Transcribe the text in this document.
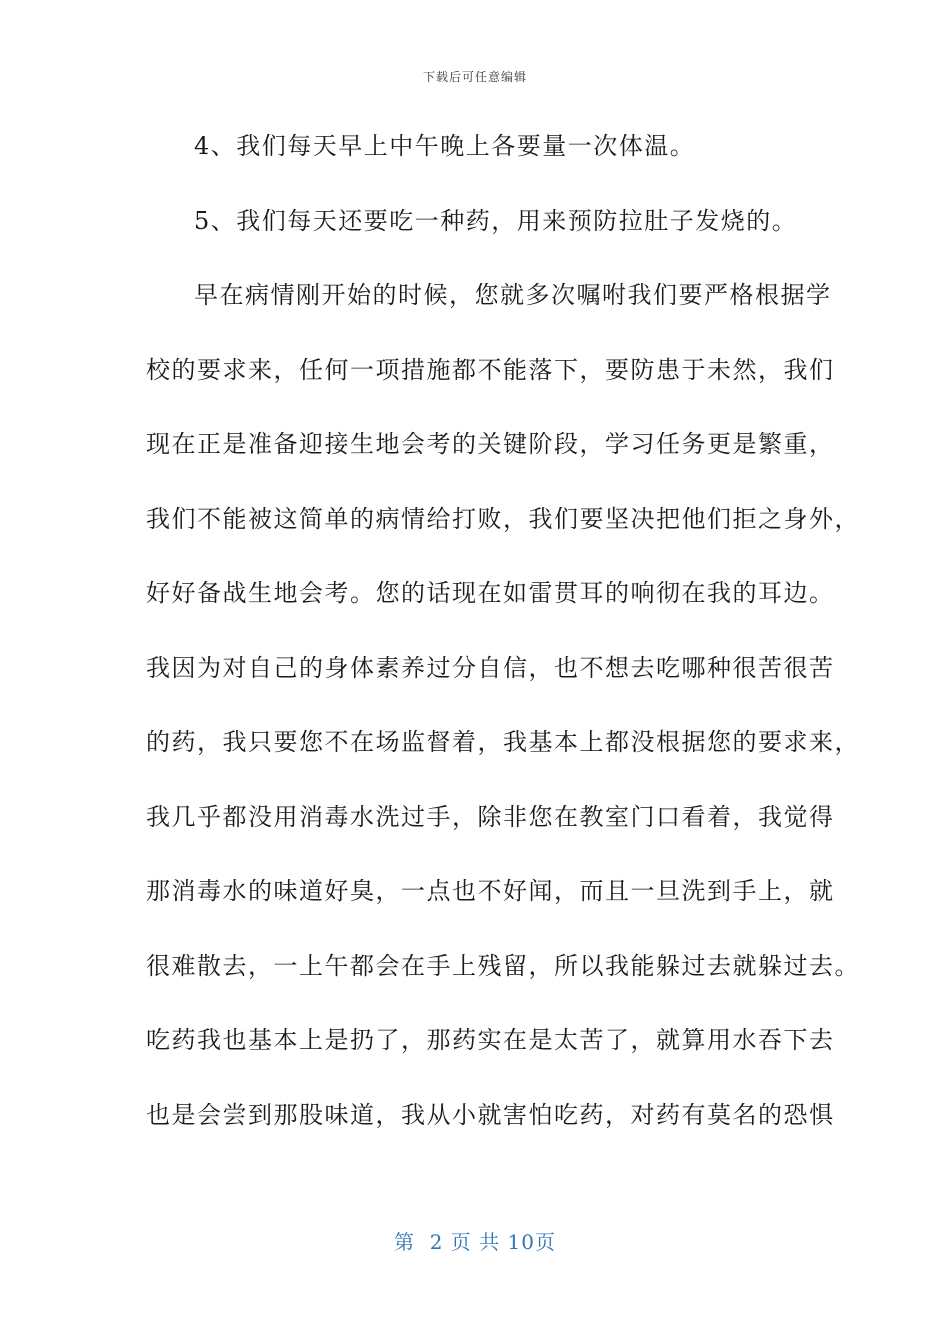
下载后可任意编辑
4、我们每天早上中午晚上各要量一次体温。
5、我们每天还要吃一种药，用来预防拉肚子发烧的。
早在病情刚开始的时候，您就多次嘱咐我们要严格根据学
校的要求来，任何一项措施都不能落下，要防患于未然，我们
现在正是准备迎接生地会考的关键阶段，学习任务更是繁重，
我们不能被这简单的病情给打败，我们要坚决把他们拒之身外，
好好备战生地会考。您的话现在如雷贯耳的响彻在我的耳边。
我因为对自己的身体素养过分自信，也不想去吃哪种很苦很苦
的药，我只要您不在场监督着，我基本上都没根据您的要求来，
我几乎都没用消毒水洗过手，除非您在教室门口看着，我觉得
那消毒水的味道好臭，一点也不好闻，而且一旦洗到手上，就
很难散去，一上午都会在手上残留，所以我能躲过去就躲过去。
吃药我也基本上是扔了，那药实在是太苦了，就算用水吞下去
也是会尝到那股味道，我从小就害怕吃药，对药有莫名的恐惧
第  2 页 共 10页
